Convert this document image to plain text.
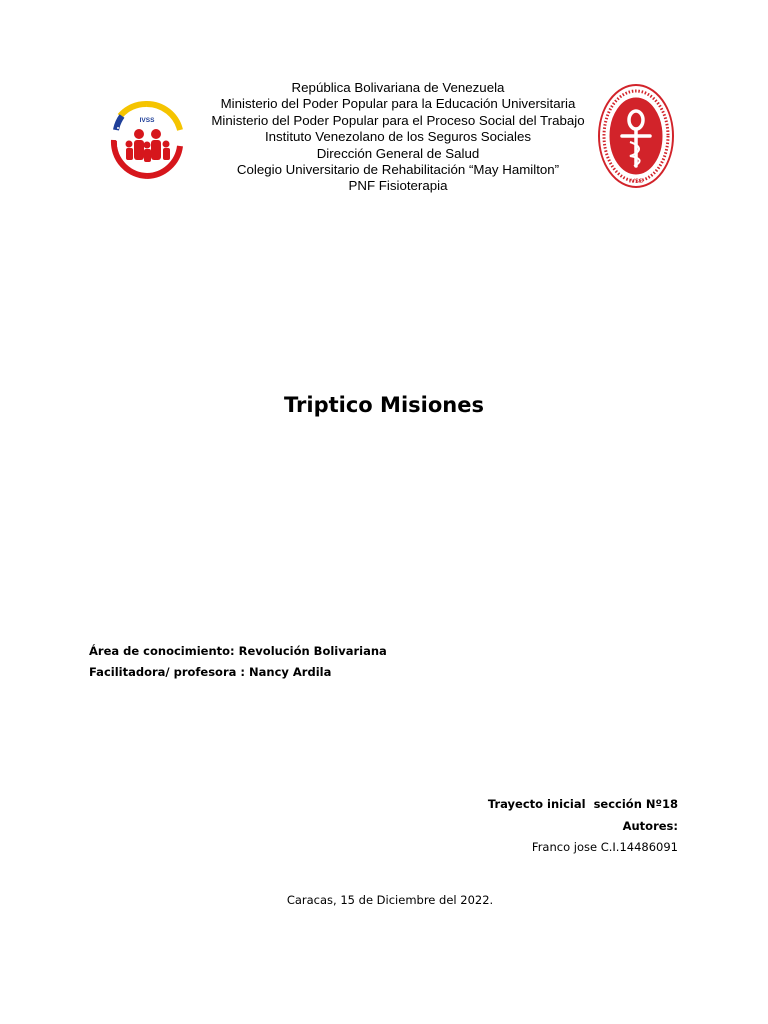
IVSS
República Bolivariana de Venezuela
Ministerio del Poder Popular para la Educación Universitaria
Ministerio del Poder Popular para el Proceso Social del Trabajo
Instituto Venezolano de los Seguros Sociales
Dirección General de Salud
Colegio Universitario de Rehabilitación “May Hamilton”
PNF Fisioterapia	IVSS
Triptico Misiones
Área de conocimiento: Revolución Bolivariana
Facilitadora/ profesora : Nancy Ardila
Trayecto inicial  sección Nº18
Autores:
Franco jose C.I.14486091
Caracas, 15 de Diciembre del 2022.
